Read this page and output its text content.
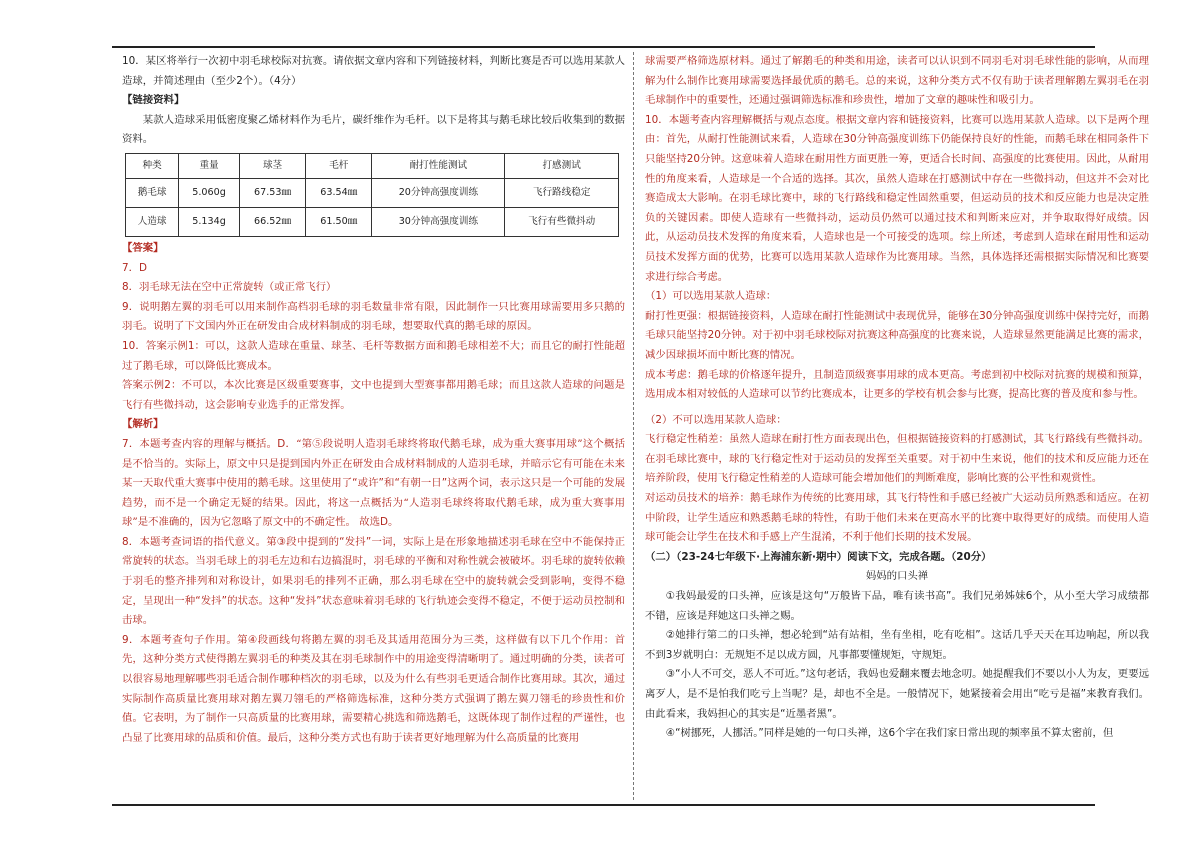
10．某区将举行一次初中羽毛球校际对抗赛。请依据文章内容和下列链接材料，判断比赛是否可以选用某款人造球，并简述理由（至少2个）。（4分）

【链接资料】

某款人造球采用低密度聚乙烯材料作为毛片，碳纤维作为毛杆。以下是将其与鹅毛球比较后收集到的数据资料。

种类	重量	球茎	毛杆	耐打性能测试	打感测试
鹅毛球	5.060g	67.53㎜	63.54㎜	20分钟高强度训练	飞行路线稳定
人造球	5.134g	66.52㎜	61.50㎜	30分钟高强度训练	飞行有些微抖动

【答案】

7．D

8．羽毛球无法在空中正常旋转（或正常飞行）

9．说明鹅左翼的羽毛可以用来制作高档羽毛球的羽毛数量非常有限，因此制作一只比赛用球需要用多只鹅的羽毛。说明了下文国内外正在研发由合成材料制成的羽毛球，想要取代真的鹅毛球的原因。

10．答案示例1：可以，这款人造球在重量、球茎、毛杆等数据方面和鹅毛球相差不大；而且它的耐打性能超过了鹅毛球，可以降低比赛成本。

答案示例2：不可以，本次比赛是区级重要赛事，文中也提到大型赛事都用鹅毛球；而且这款人造球的问题是飞行有些微抖动，这会影响专业选手的正常发挥。

【解析】

7．本题考查内容的理解与概括。D．“第⑤段说明人造羽毛球终将取代鹅毛球，成为重大赛事用球”这个概括是不恰当的。实际上，原文中只是提到国内外正在研发由合成材料制成的人造羽毛球，并暗示它有可能在未来某一天取代重大赛事中使用的鹅毛球。这里使用了“或许”和“有朝一日”这两个词，表示这只是一个可能的发展趋势，而不是一个确定无疑的结果。因此，将这一点概括为“人造羽毛球终将取代鹅毛球，成为重大赛事用球”是不准确的，因为它忽略了原文中的不确定性。 故选D。

8．本题考查词语的指代意义。第③段中提到的“发抖”一词，实际上是在形象地描述羽毛球在空中不能保持正常旋转的状态。当羽毛球上的羽毛左边和右边搞混时，羽毛球的平衡和对称性就会被破坏。羽毛球的旋转依赖于羽毛的整齐排列和对称设计，如果羽毛的排列不正确，那么羽毛球在空中的旋转就会受到影响，变得不稳定，呈现出一种“发抖”的状态。这种“发抖”状态意味着羽毛球的飞行轨迹会变得不稳定，不便于运动员控制和击球。

9．本题考查句子作用。第④段画线句将鹅左翼的羽毛及其适用范围分为三类，这样做有以下几个作用：首先，这种分类方式使得鹅左翼羽毛的种类及其在羽毛球制作中的用途变得清晰明了。通过明确的分类，读者可以很容易地理解哪些羽毛适合制作哪种档次的羽毛球，以及为什么有些羽毛更适合制作比赛用球。其次，通过实际制作高质量比赛用球对鹅左翼刀翎毛的严格筛选标准，这种分类方式强调了鹅左翼刀翎毛的珍贵性和价值。它表明，为了制作一只高质量的比赛用球，需要精心挑选和筛选鹅毛，这既体现了制作过程的严谨性，也凸显了比赛用球的品质和价值。最后，这种分类方式也有助于读者更好地理解为什么高质量的比赛用

球需要严格筛选原材料。通过了解鹅毛的种类和用途，读者可以认识到不同羽毛对羽毛球性能的影响，从而理解为什么制作比赛用球需要选择最优质的鹅毛。总的来说，这种分类方式不仅有助于读者理解鹅左翼羽毛在羽毛球制作中的重要性，还通过强调筛选标准和珍贵性，增加了文章的趣味性和吸引力。

10．本题考查内容理解概括与观点态度。根据文章内容和链接资料，比赛可以选用某款人造球。以下是两个理由：首先，从耐打性能测试来看，人造球在30分钟高强度训练下仍能保持良好的性能，而鹅毛球在相同条件下只能坚持20分钟。这意味着人造球在耐用性方面更胜一筹，更适合长时间、高强度的比赛使用。因此，从耐用性的角度来看，人造球是一个合适的选择。其次，虽然人造球在打感测试中存在一些微抖动，但这并不会对比赛造成太大影响。在羽毛球比赛中，球的飞行路线和稳定性固然重要，但运动员的技术和反应能力也是决定胜负的关键因素。即使人造球有一些微抖动，运动员仍然可以通过技术和判断来应对，并争取取得好成绩。因此，从运动员技术发挥的角度来看，人造球也是一个可接受的选项。综上所述，考虑到人造球在耐用性和运动员技术发挥方面的优势，比赛可以选用某款人造球作为比赛用球。当然，具体选择还需根据实际情况和比赛要求进行综合考虑。

（1）可以选用某款人造球：

耐打性更强：根据链接资料，人造球在耐打性能测试中表现优异，能够在30分钟高强度训练中保持完好，而鹅毛球只能坚持20分钟。对于初中羽毛球校际对抗赛这种高强度的比赛来说，人造球显然更能满足比赛的需求，减少因球损坏而中断比赛的情况。

成本考虑：鹅毛球的价格逐年提升，且制造顶级赛事用球的成本更高。考虑到初中校际对抗赛的规模和预算，选用成本相对较低的人造球可以节约比赛成本，让更多的学校有机会参与比赛，提高比赛的普及度和参与性。

（2）不可以选用某款人造球：

飞行稳定性稍差：虽然人造球在耐打性方面表现出色，但根据链接资料的打感测试，其飞行路线有些微抖动。在羽毛球比赛中，球的飞行稳定性对于运动员的发挥至关重要。对于初中生来说，他们的技术和反应能力还在培养阶段，使用飞行稳定性稍差的人造球可能会增加他们的判断难度，影响比赛的公平性和观赏性。

对运动员技术的培养：鹅毛球作为传统的比赛用球，其飞行特性和手感已经被广大运动员所熟悉和适应。在初中阶段，让学生适应和熟悉鹅毛球的特性，有助于他们未来在更高水平的比赛中取得更好的成绩。而使用人造球可能会让学生在技术和手感上产生混淆，不利于他们长期的技术发展。

（二）（23-24七年级下·上海浦东新·期中）阅读下文，完成各题。（20分）

妈妈的口头禅

①我妈最爱的口头禅，应该是这句“万般皆下品，唯有读书高”。我们兄弟姊妹6个，从小至大学习成绩都不错，应该是拜她这口头禅之赐。

②她排行第二的口头禅，想必轮到“站有站相，坐有坐相，吃有吃相”。这话几乎天天在耳边响起，所以我不到3岁就明白：无规矩不足以成方圆，凡事都要懂规矩，守规矩。

③“小人不可交，恶人不可近。”这句老话，我妈也爱翻来覆去地念叨。她提醒我们不要以小人为友，更要远离歹人，是不是怕我们吃亏上当呢？是，却也不全是。一般情况下，她紧接着会用出“吃亏是福”来教育我们。由此看来，我妈担心的其实是“近墨者黑”。

④“树挪死，人挪活。”同样是她的一句口头禅，这6个字在我们家日常出现的频率虽不算太密前，但
